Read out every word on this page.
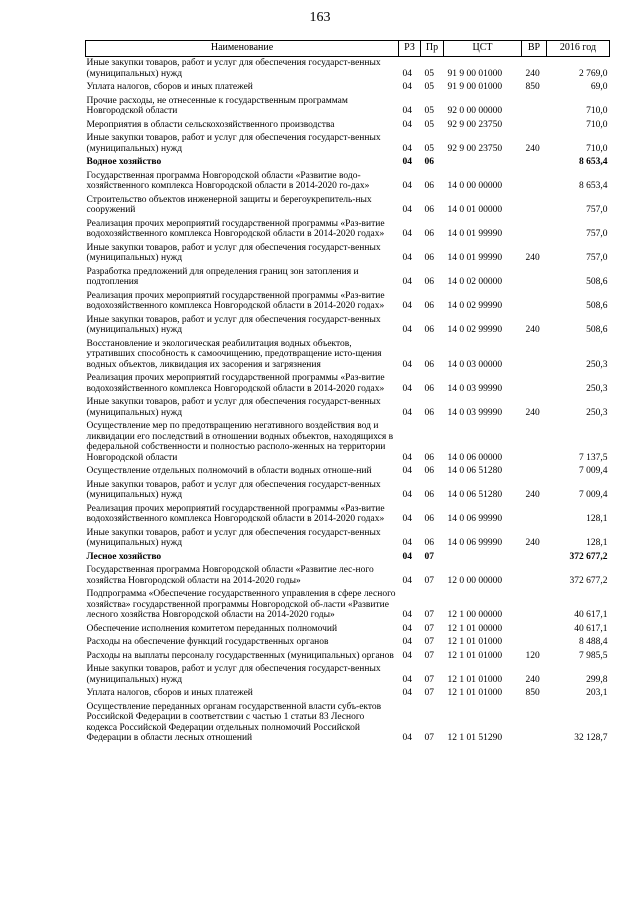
163
Наименование	РЗ	Пр	ЦСТ	ВР	2016 год
Иные закупки товаров, работ и услуг для обеспечения государст-венных (муниципальных) нужд	04	05	91 9 00 01000	240	2 769,0
Уплата налогов, сборов и иных платежей	04	05	91 9 00 01000	850	69,0
Прочие расходы, не отнесенные к государственным программам Новгородской области	04	05	92 0 00 00000		710,0
Мероприятия в области сельскохозяйственного производства	04	05	92 9 00 23750		710,0
Иные закупки товаров, работ и услуг для обеспечения государст-венных (муниципальных) нужд	04	05	92 9 00 23750	240	710,0
Водное хозяйство	04	06			8 653,4
Государственная программа Новгородской области «Развитие водо-хозяйственного комплекса Новгородской области в 2014-2020 го-дах»	04	06	14 0 00 00000		8 653,4
Строительство объектов инженерной защиты и берегоукрепитель-ных сооружений	04	06	14 0 01 00000		757,0
Реализация прочих мероприятий государственной программы «Раз-витие водохозяйственного комплекса Новгородской области в 2014-2020 годах»	04	06	14 0 01 99990		757,0
Иные закупки товаров, работ и услуг для обеспечения государст-венных (муниципальных) нужд	04	06	14 0 01 99990	240	757,0
Разработка предложений для определения границ зон затопления и подтопления	04	06	14 0 02 00000		508,6
Реализация прочих мероприятий государственной программы «Раз-витие водохозяйственного комплекса Новгородской области в 2014-2020 годах»	04	06	14 0 02 99990		508,6
Иные закупки товаров, работ и услуг для обеспечения государст-венных (муниципальных) нужд	04	06	14 0 02 99990	240	508,6
Восстановление и экологическая реабилитация водных объектов, утративших способность к самоочищению, предотвращение исто-щения водных объектов, ликвидация их засорения и загрязнения	04	06	14 0 03 00000		250,3
Реализация прочих мероприятий государственной программы «Раз-витие водохозяйственного комплекса Новгородской области в 2014-2020 годах»	04	06	14 0 03 99990		250,3
Иные закупки товаров, работ и услуг для обеспечения государст-венных (муниципальных) нужд	04	06	14 0 03 99990	240	250,3
Осуществление мер по предотвращению негативного воздействия вод и ликвидации его последствий в отношении водных объектов, находящихся в федеральной собственности и полностью располо-женных на территории Новгородской области	04	06	14 0 06 00000		7 137,5
Осуществление отдельных полномочий в области водных отноше-ний	04	06	14 0 06 51280		7 009,4
Иные закупки товаров, работ и услуг для обеспечения государст-венных (муниципальных) нужд	04	06	14 0 06 51280	240	7 009,4
Реализация прочих мероприятий государственной программы «Раз-витие водохозяйственного комплекса Новгородской области в 2014-2020 годах»	04	06	14 0 06 99990		128,1
Иные закупки товаров, работ и услуг для обеспечения государст-венных (муниципальных) нужд	04	06	14 0 06 99990	240	128,1
Лесное хозяйство	04	07			372 677,2
Государственная программа Новгородской области «Развитие лес-ного хозяйства Новгородской области на 2014-2020 годы»	04	07	12 0 00 00000		372 677,2
Подпрограмма «Обеспечение государственного управления в сфере лесного хозяйства» государственной программы Новгородской об-ласти «Развитие лесного хозяйства Новгородской области на 2014-2020 годы»	04	07	12 1 00 00000		40 617,1
Обеспечение исполнения комитетом переданных полномочий	04	07	12 1 01 00000		40 617,1
Расходы на обеспечение функций государственных органов	04	07	12 1 01 01000		8 488,4
Расходы на выплаты персоналу государственных (муниципальных) органов	04	07	12 1 01 01000	120	7 985,5
Иные закупки товаров, работ и услуг для обеспечения государст-венных (муниципальных) нужд	04	07	12 1 01 01000	240	299,8
Уплата налогов, сборов и иных платежей	04	07	12 1 01 01000	850	203,1
Осуществление переданных органам государственной власти субъ-ектов Российской Федерации в соответствии с частью 1 статьи 83 Лесного кодекса Российской Федерации отдельных полномочий Российской Федерации в области лесных отношений	04	07	12 1 01 51290		32 128,7
